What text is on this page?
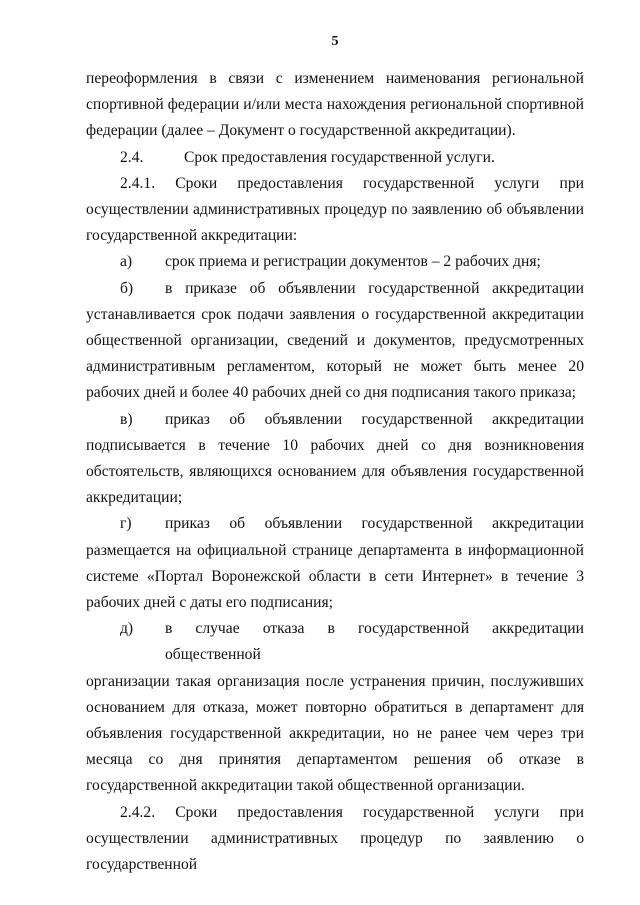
5

переоформления в связи с изменением наименования региональной спортивной федерации и/или места нахождения региональной спортивной федерации (далее – Документ о государственной аккредитации).

2.4.	Срок предоставления государственной услуги.

2.4.1. Сроки предоставления государственной услуги при

осуществлении административных процедур по заявлению об объявлении государственной аккредитации:

а)	срок приема и регистрации документов – 2 рабочих дня;
б)	в приказе об объявлении государственной аккредитации

устанавливается срок подачи заявления о государственной аккредитации общественной организации, сведений и документов, предусмотренных административным регламентом, который не может быть менее 20 рабочих дней и более 40 рабочих дней со дня подписания такого приказа;

в)	приказ об объявлении государственной аккредитации

подписывается в течение 10 рабочих дней со дня возникновения обстоятельств, являющихся основанием для объявления государственной аккредитации;

г)	приказ об объявлении государственной аккредитации

размещается на официальной странице департамента в информационной системе «Портал Воронежской области в сети Интернет» в течение 3 рабочих дней с даты его подписания;

д)	в случае отказа в государственной аккредитации общественной

организации такая организация после устранения причин, послуживших основанием для отказа, может повторно обратиться в департамент для объявления государственной аккредитации, но не ранее чем через три месяца со дня принятия департаментом решения об отказе в государственной аккредитации такой общественной организации.

2.4.2. Сроки предоставления государственной услуги при

осуществлении административных процедур по заявлению о государственной
